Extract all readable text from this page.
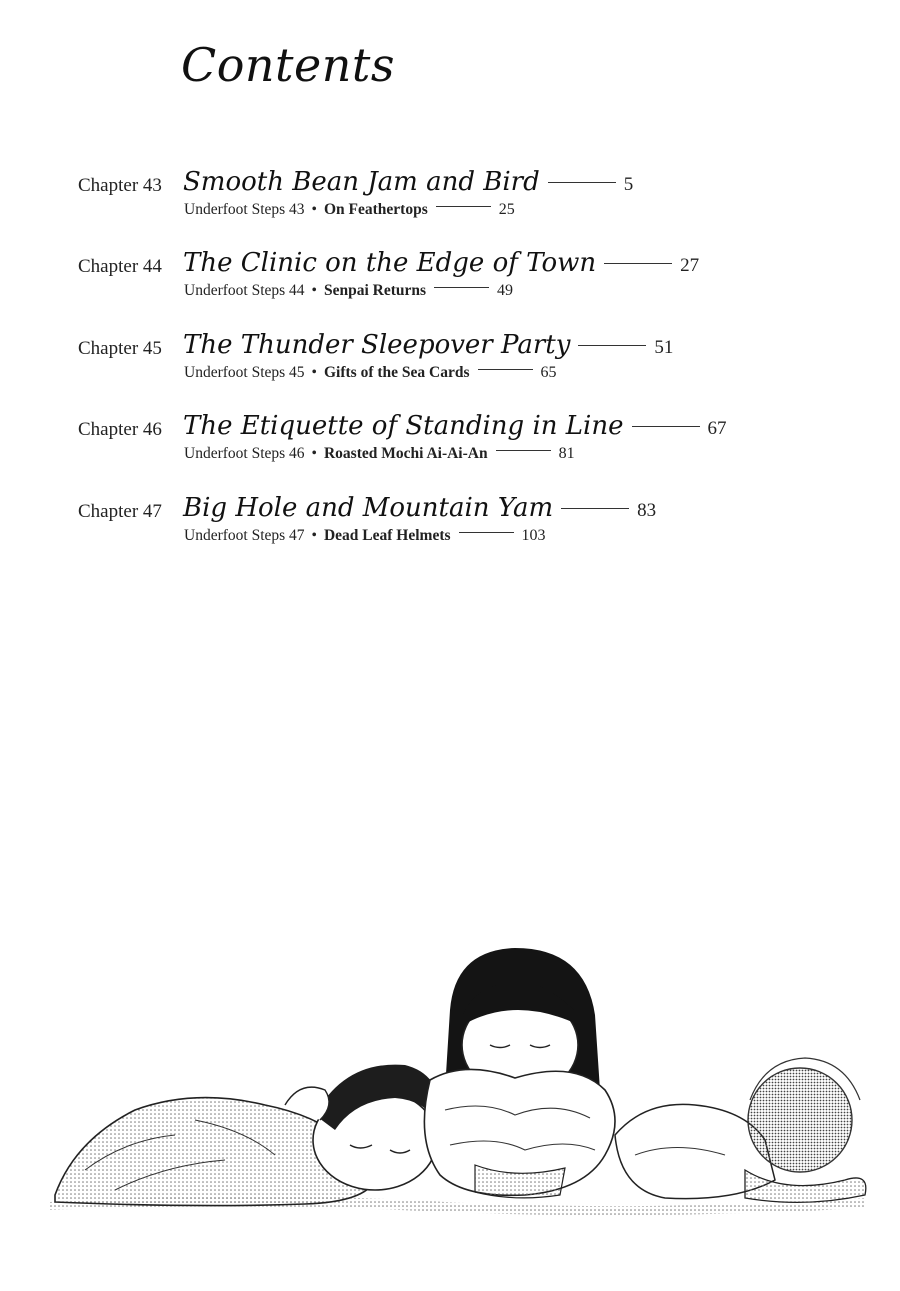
Contents
Chapter 43 Smooth Bean Jam and Bird	5
Underfoot Steps 43 • On Feathertops	25
Chapter 44 The Clinic on the Edge of Town	27
Underfoot Steps 44 • Senpai Returns	49
Chapter 45 The Thunder Sleepover Party	51
Underfoot Steps 45 • Gifts of the Sea Cards	65
Chapter 46 The Etiquette of Standing in Line	67
Underfoot Steps 46 • Roasted Mochi Ai-Ai-An	81
Chapter 47 Big Hole and Mountain Yam	83
Underfoot Steps 47 • Dead Leaf Helmets	103
